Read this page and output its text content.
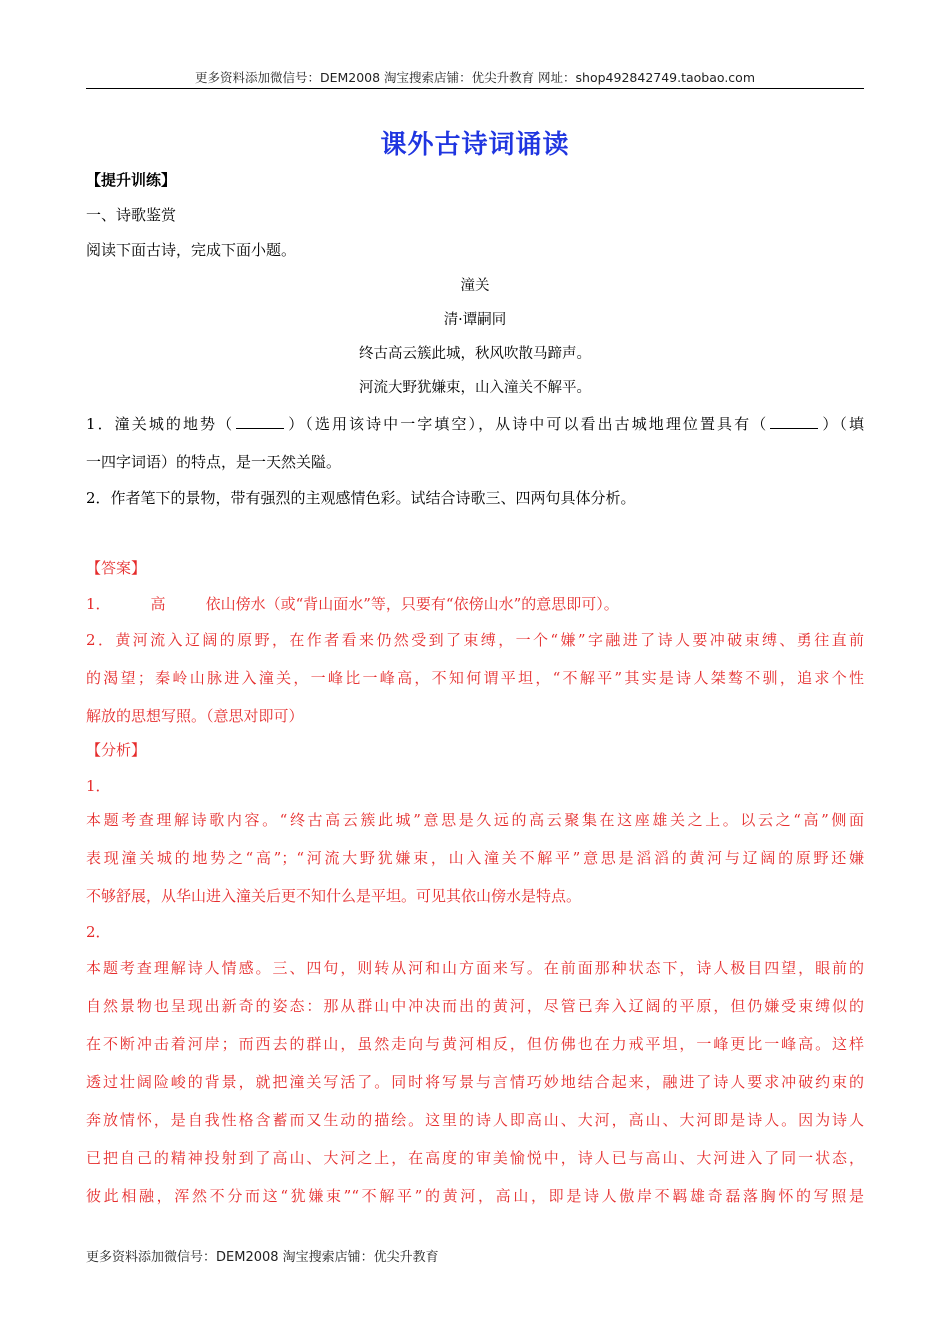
更多资料添加微信号：DEM2008 淘宝搜索店铺：优尖升教育 网址：shop492842749.taobao.com
课外古诗词诵读
【提升训练】
一、诗歌鉴赏
阅读下面古诗，完成下面小题。
潼关
清·谭嗣同
终古高云簇此城，秋风吹散马蹄声。
河流大野犹嫌束，山入潼关不解平。
1．潼关城的地势（	）（选用该诗中一字填空），从诗中可以看出古城地理位置具有（	）（填
一四字词语）的特点，是一天然关隘。
2．作者笔下的景物，带有强烈的主观感情色彩。试结合诗歌三、四两句具体分析。
【答案】
1．	高	依山傍水（或“背山面水”等，只要有“依傍山水”的意思即可）。
2．黄河流入辽阔的原野，在作者看来仍然受到了束缚，一个“嫌”字融进了诗人要冲破束缚、勇往直前
的渴望；秦岭山脉进入潼关，一峰比一峰高，不知何谓平坦，“不解平”其实是诗人桀骜不驯，追求个性
解放的思想写照。（意思对即可）
【分析】
1．
本题考查理解诗歌内容。“终古高云簇此城”意思是久远的高云聚集在这座雄关之上。以云之“高”侧面
表现潼关城的地势之“高”；“河流大野犹嫌束，山入潼关不解平”意思是滔滔的黄河与辽阔的原野还嫌
不够舒展，从华山进入潼关后更不知什么是平坦。可见其依山傍水是特点。
2．
本题考查理解诗人情感。三、四句，则转从河和山方面来写。在前面那种状态下，诗人极目四望，眼前的
自然景物也呈现出新奇的姿态：那从群山中冲决而出的黄河，尽管已奔入辽阔的平原，但仍嫌受束缚似的
在不断冲击着河岸；而西去的群山，虽然走向与黄河相反，但仿佛也在力戒平坦，一峰更比一峰高。这样
透过壮阔险峻的背景，就把潼关写活了。同时将写景与言情巧妙地结合起来，融进了诗人要求冲破约束的
奔放情怀，是自我性格含蓄而又生动的描绘。这里的诗人即高山、大河，高山、大河即是诗人。因为诗人
已把自己的精神投射到了高山、大河之上，在高度的审美愉悦中，诗人已与高山、大河进入了同一状态，
彼此相融，浑然不分而这“犹嫌束”“不解平”的黄河，高山，即是诗人傲岸不羁雄奇磊落胸怀的写照是
更多资料添加微信号：DEM2008 淘宝搜索店铺：优尖升教育
